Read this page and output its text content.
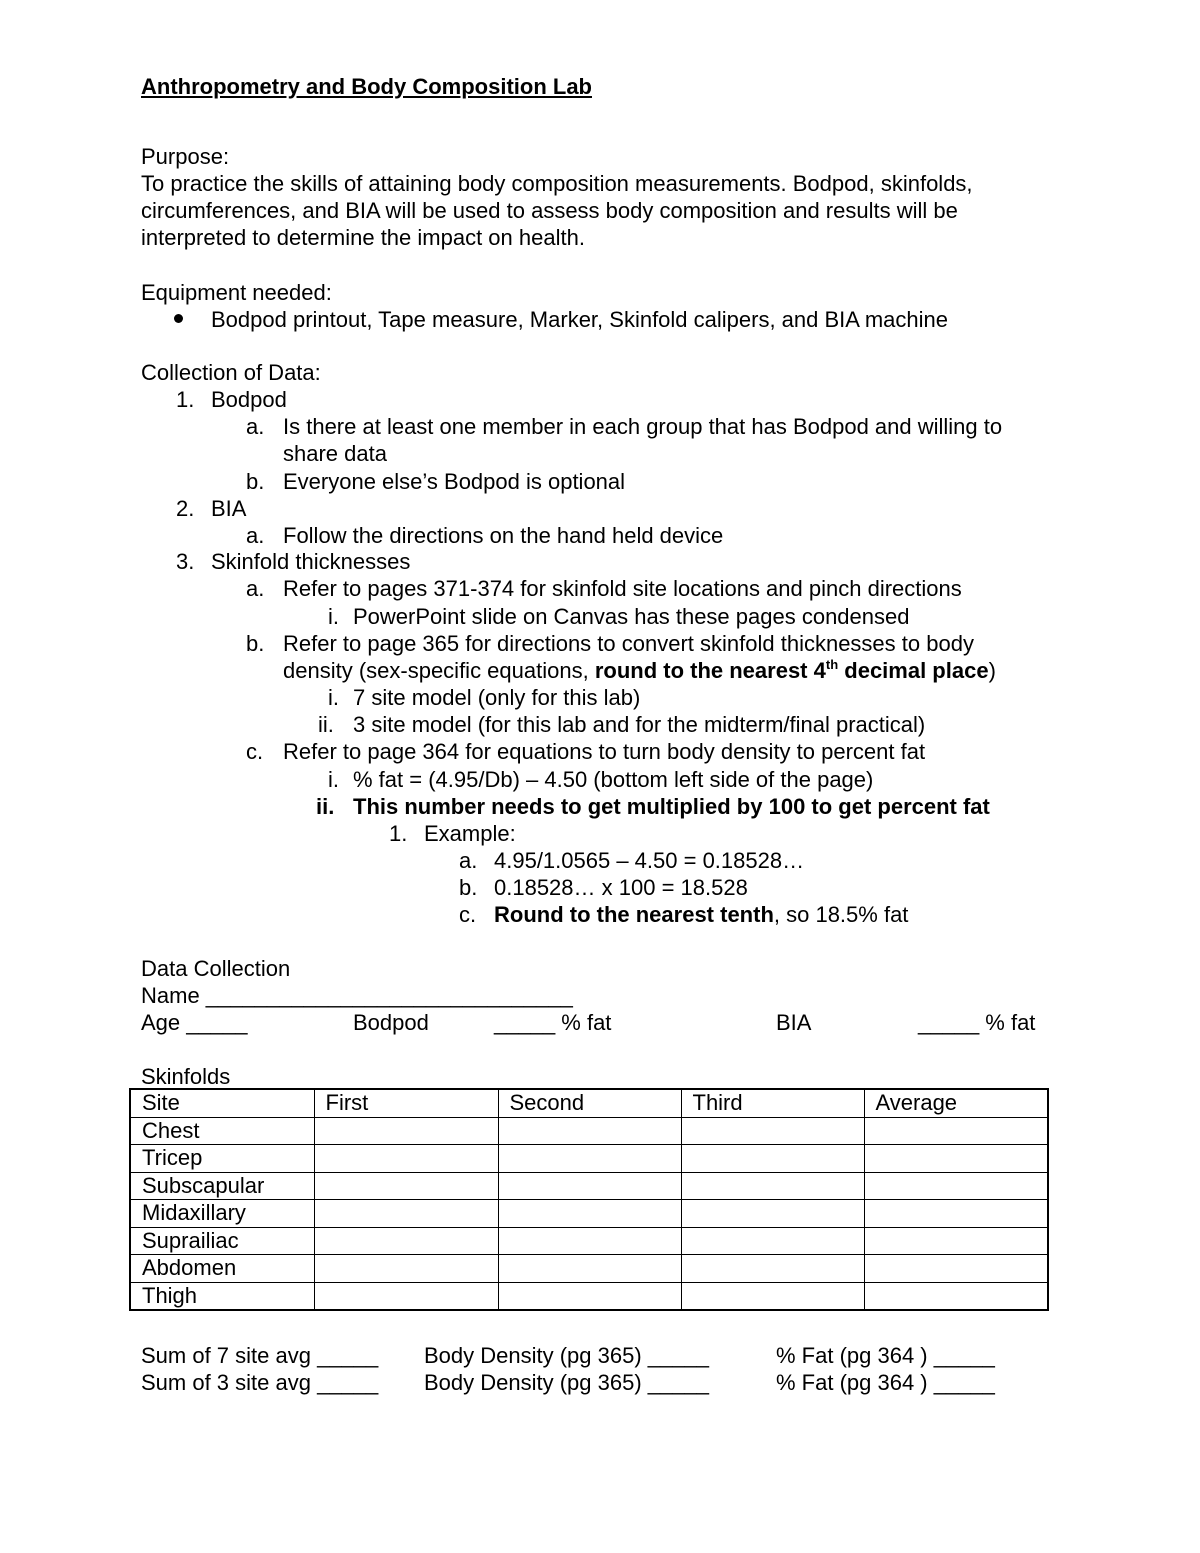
Anthropometry and Body Composition Lab
Purpose:
To practice the skills of attaining body composition measurements. Bodpod, skinfolds,
circumferences, and BIA will be used to assess body composition and results will be
interpreted to determine the impact on health.
Equipment needed:
Bodpod printout, Tape measure, Marker, Skinfold calipers, and BIA machine
Collection of Data:
1. Bodpod
a. Is there at least one member in each group that has Bodpod and willing to
share data
b. Everyone else’s Bodpod is optional
2. BIA
a. Follow the directions on the hand held device
3. Skinfold thicknesses
a. Refer to pages 371-374 for skinfold site locations and pinch directions
i. PowerPoint slide on Canvas has these pages condensed
b. Refer to page 365 for directions to convert skinfold thicknesses to body
density (sex-specific equations, round to the nearest 4th decimal place)
i. 7 site model (only for this lab)
ii. 3 site model (for this lab and for the midterm/final practical)
c. Refer to page 364 for equations to turn body density to percent fat
i. % fat = (4.95/Db) – 4.50 (bottom left side of the page)
ii. This number needs to get multiplied by 100 to get percent fat
1. Example:
a. 4.95/1.0565 – 4.50 = 0.18528…
b. 0.18528… x 100 = 18.528
c. Round to the nearest tenth, so 18.5% fat
Data Collection
Name ______________________________
Age _____	Bodpod	_____ % fat	BIA	_____ % fat
Skinfolds
Site	First	Second	Third	Average
Chest				
Tricep				
Subscapular				
Midaxillary				
Suprailiac				
Abdomen				
Thigh				
Sum of 7 site avg _____ Body Density (pg 365) _____	% Fat (pg 364 ) _____
Sum of 3 site avg _____ Body Density (pg 365) _____	% Fat (pg 364 ) _____
